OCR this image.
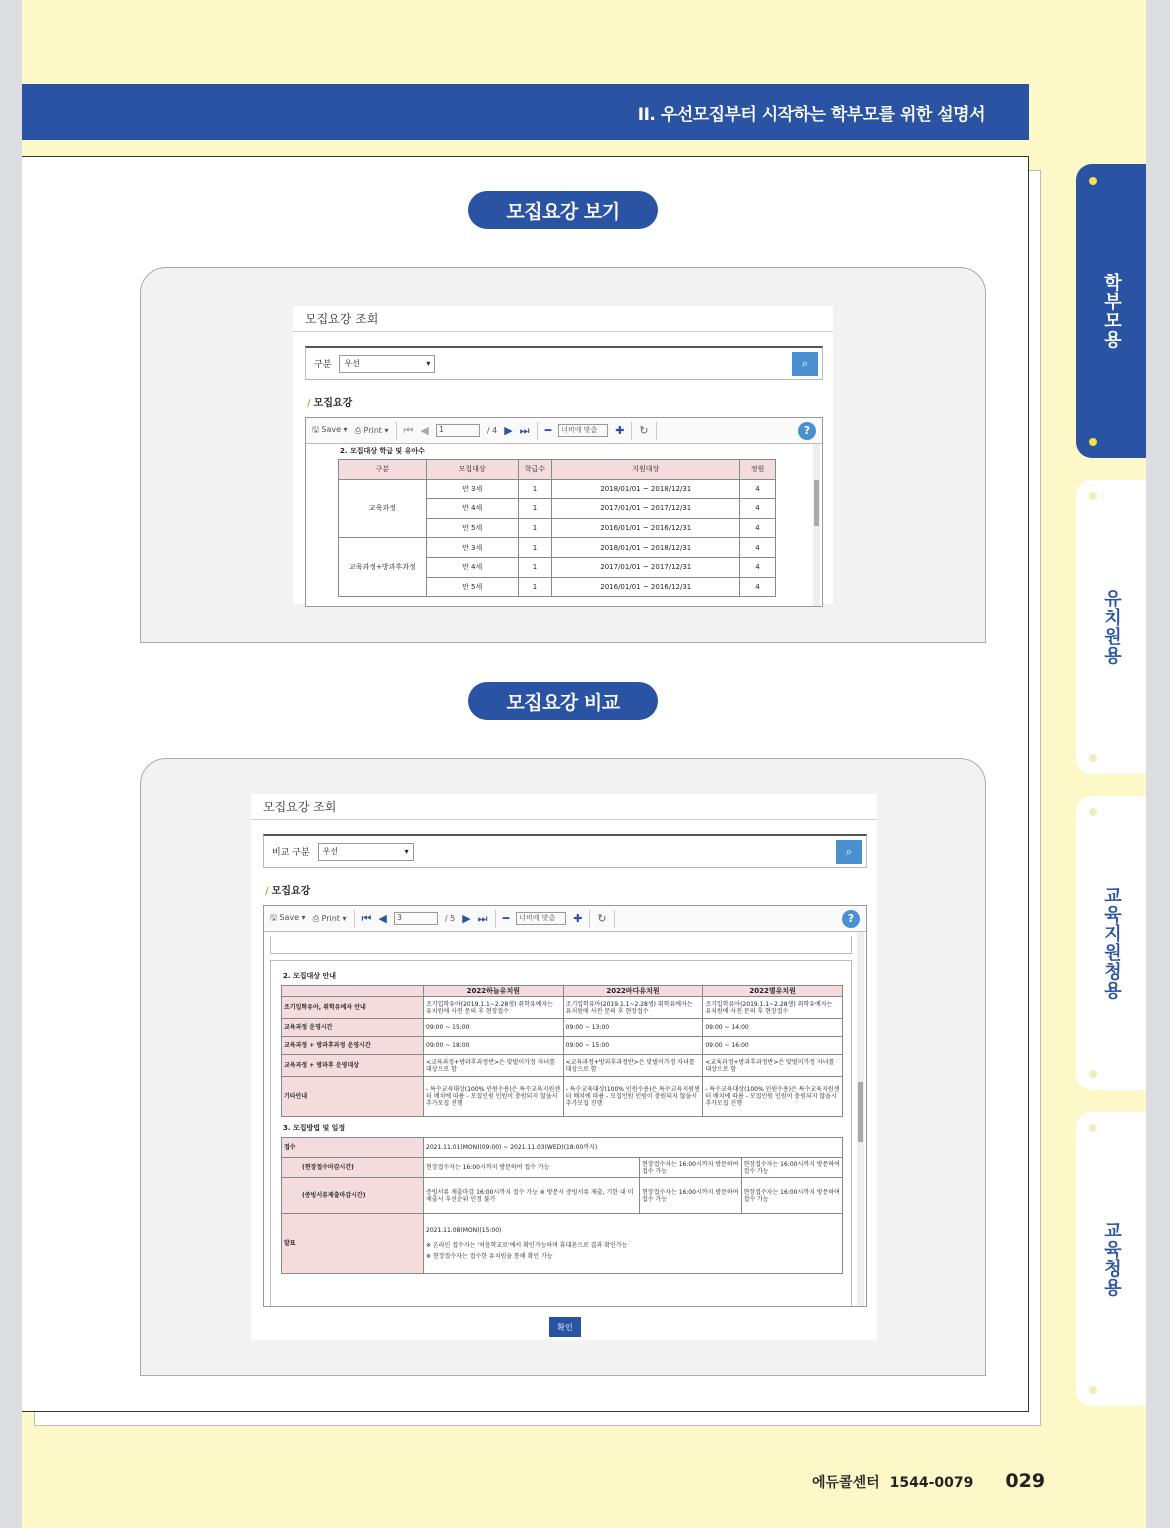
II. 우선모집부터 시작하는 학부모를 위한 설명서
모집요강 보기
모집요강 조회
구분 우선	▾	⌕
/ 모집요강
🖫 Save ▾ ⎙ Print ▾ ⏮ ◀	1	/ 4 ▶ ⏭ ━	너비에 맞춤	✚ ↻	?
2. 모집대상 학급 및 유아수
구분	모집대상	학급수	지원대상	정원
교육과정	만 3세	1	2018/01/01 ~ 2018/12/31	4
	만 4세	1	2017/01/01 ~ 2017/12/31	4
	만 5세	1	2016/01/01 ~ 2016/12/31	4
교육과정+방과후과정	만 3세	1	2018/01/01 ~ 2018/12/31	4
	만 4세	1	2017/01/01 ~ 2017/12/31	4
	만 5세	1	2016/01/01 ~ 2016/12/31	4
모집요강 비교
모집요강 조회
비교 구분 우선	▾	⌕
/ 모집요강
🖫 Save ▾ ⎙ Print ▾ ⏮ ◀	3	/ 5 ▶ ⏭ ━	너비에 맞춤	✚ ↻	?
2. 모집대상 안내
	2022하늘유치원	2022바다유치원	2022별유치원
조기입학유아, 취학유예자 안내	조기입학유아(2019.1.1~2.28생) 취학유예자는 유치원에 사전 문의 후 현장접수	조기입학유아(2019.1.1~2.28생) 취학유예자는 유치원에 사전 문의 후 현장접수	조기입학유아(2019.1.1~2.28생) 취학유예자는 유치원에 사전 문의 후 현장접수
교육과정 운영시간	09:00 ~ 15:00	09:00 ~ 13:00	09:00 ~ 14:00
교육과정 + 방과후과정 운영시간	09:00 ~ 18:00	09:00 ~ 15:00	09:00 ~ 16:00
교육과정 + 방과후 운영대상	<교육과정+방과후과정반>은 맞벌이가정 자녀를 대상으로 함	<교육과정+방과후과정반>은 맞벌이가정 자녀를 대상으로 함	<교육과정+방과후과정반>은 맞벌이가정 자녀를 대상으로 함
기타안내	- 특수교육대상(100% 인원수용)은 특수교육지원센터 배치에 따름 - 모집인원 인원이 충원되지 않을시 추가모집 진행	- 특수교육대상(100% 인원수용)은 특수교육지원센터 배치에 따름 - 모집인원 인원이 충원되지 않을시 추가모집 진행	- 특수교육대상(100% 인원수용)은 특수교육지원센터 배치에 따름 - 모집인원 인원이 충원되지 않을시 추가모집 진행
3. 모집방법 및 일정
접수	2021.11.01(MON)(09:00) ~ 2021.11.03(WED)(18:00까지)		
(현장접수마감시간)	현장접수자는 16:00시까지 방문하여 접수 가능	현장접수자는 16:00시까지 방문하여 접수 가능	현장접수자는 16:00시까지 방문하여 접수 가능
(증빙서류제출마감시간)	증빙서류 제출마감 16:00시까지 접수 가능 ※ 방문시 증빙서류 제출, 기한 내 미제출시 우선순위 인정 불가	현장접수자는 16:00시까지 방문하여 접수 가능	현장접수자는 16:00시까지 방문하여 접수 가능
발표	2021.11.08(MON)(15:00)
※ 온라인 접수자는 '처음학교로'에서 확인가능하며 휴대폰으로 결과 확인가능
※ 현장접수자는 접수한 유치원을 통해 확인 가능		
확인
학부모용
유치원용
교육지원청용
교육청용
에듀콜센터 1544-0079 029
